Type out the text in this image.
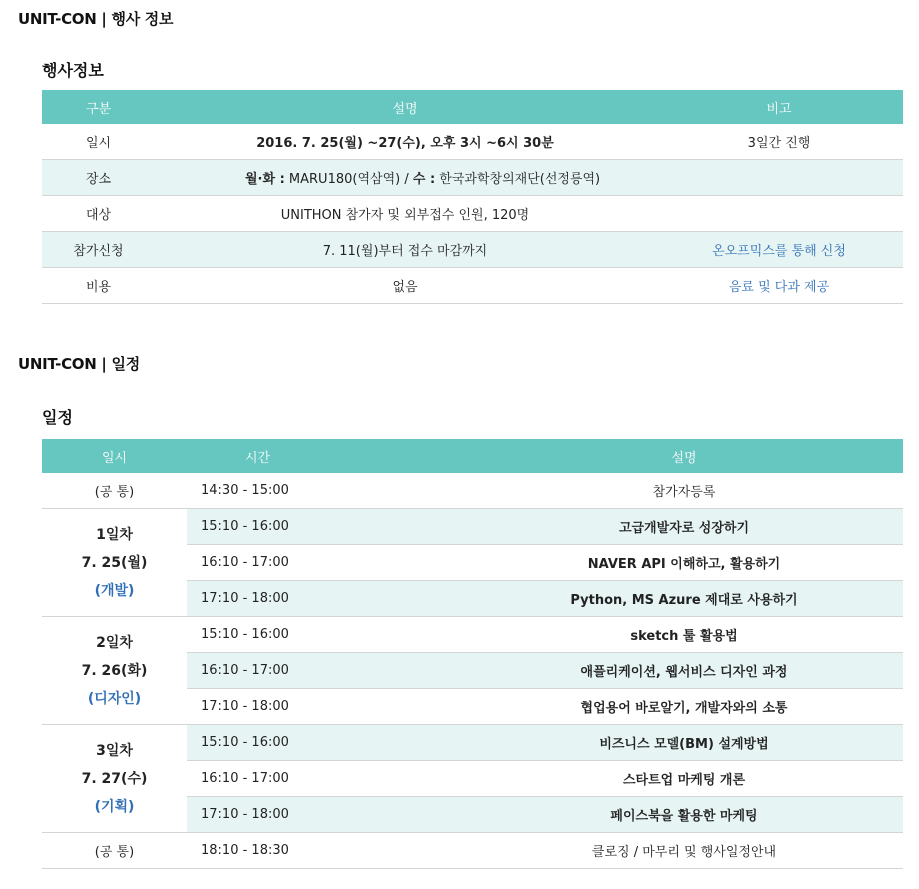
UNIT-CON | 행사 정보
행사정보
구분	설명	비고
일시	2016. 7. 25(월) ~27(수), 오후 3시 ~6시 30분	3일간 진행
장소	월·화 : MARU180(역삼역) / 수 : 한국과학창의재단(선정릉역)	
대상	UNITHON 참가자 및 외부접수 인원, 120명	
참가신청	7. 11(월)부터 접수 마감까지	온오프믹스를 통해 신청
비용	없음	음료 및 다과 제공
UNIT-CON | 일정
일정
일시	시간	설명
(공 통)	14:30 - 15:00	참가자등록

1일차
7. 25(월)
(개발)	15:10 - 16:00	고급개발자로 성장하기
	16:10 - 17:00	NAVER API 이해하고, 활용하기
	17:10 - 18:00	Python, MS Azure 제대로 사용하기

2일차
7. 26(화)
(디자인)	15:10 - 16:00	sketch 툴 활용법
	16:10 - 17:00	애플리케이션, 웹서비스 디자인 과정
	17:10 - 18:00	협업용어 바로알기, 개발자와의 소통

3일차
7. 27(수)
(기획)	15:10 - 16:00	비즈니스 모델(BM) 설계방법
	16:10 - 17:00	스타트업 마케팅 개론
	17:10 - 18:00	페이스북을 활용한 마케팅
(공 통)	18:10 - 18:30	클로징 / 마무리 및 행사일정안내
